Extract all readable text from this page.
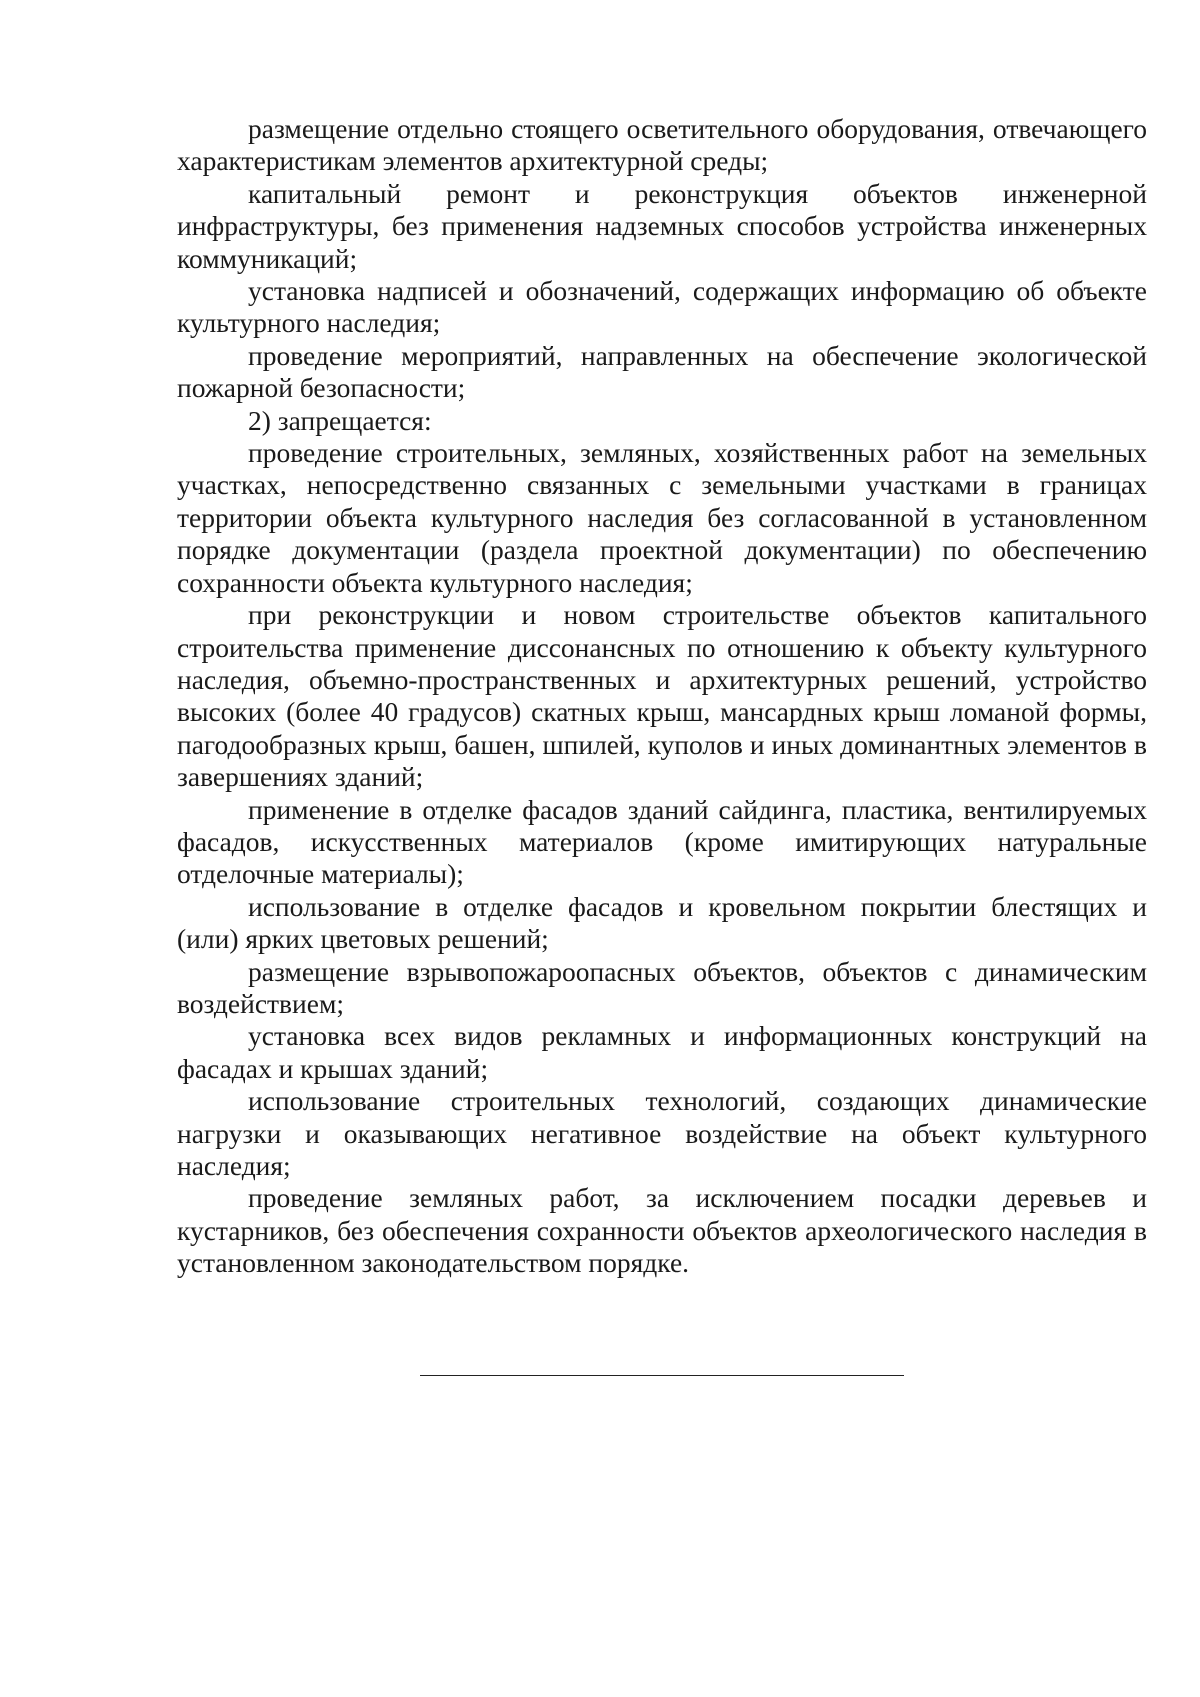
размещение отдельно стоящего осветительного оборудования, отвечающего характеристикам элементов архитектурной среды;

капитальный ремонт и реконструкция объектов инженерной инфраструктуры, без применения надземных способов устройства инженерных коммуникаций;

установка надписей и обозначений, содержащих информацию об объекте культурного наследия;

проведение мероприятий, направленных на обеспечение экологической пожарной безопасности;

2) запрещается:

проведение строительных, земляных, хозяйственных работ на земельных участках, непосредственно связанных с земельными участками в границах территории объекта культурного наследия без согласованной в установленном порядке документации (раздела проектной документации) по обеспечению сохранности объекта культурного наследия;

при реконструкции и новом строительстве объектов капитального строительства применение диссонансных по отношению к объекту культурного наследия, объемно-пространственных и архитектурных решений, устройство высоких (более 40 градусов) скатных крыш, мансардных крыш ломаной формы, пагодообразных крыш, башен, шпилей, куполов и иных доминантных элементов в завершениях зданий;

применение в отделке фасадов зданий сайдинга, пластика, вентилируемых фасадов, искусственных материалов (кроме имитирующих натуральные отделочные материалы);

использование в отделке фасадов и кровельном покрытии блестящих и (или) ярких цветовых решений;

размещение взрывопожароопасных объектов, объектов с динамическим воздействием;

установка всех видов рекламных и информационных конструкций на фасадах и крышах зданий;

использование строительных технологий, создающих динамические нагрузки и оказывающих негативное воздействие на объект культурного наследия;

проведение земляных работ, за исключением посадки деревьев и кустарников, без обеспечения сохранности объектов археологического наследия в установленном законодательством порядке.
